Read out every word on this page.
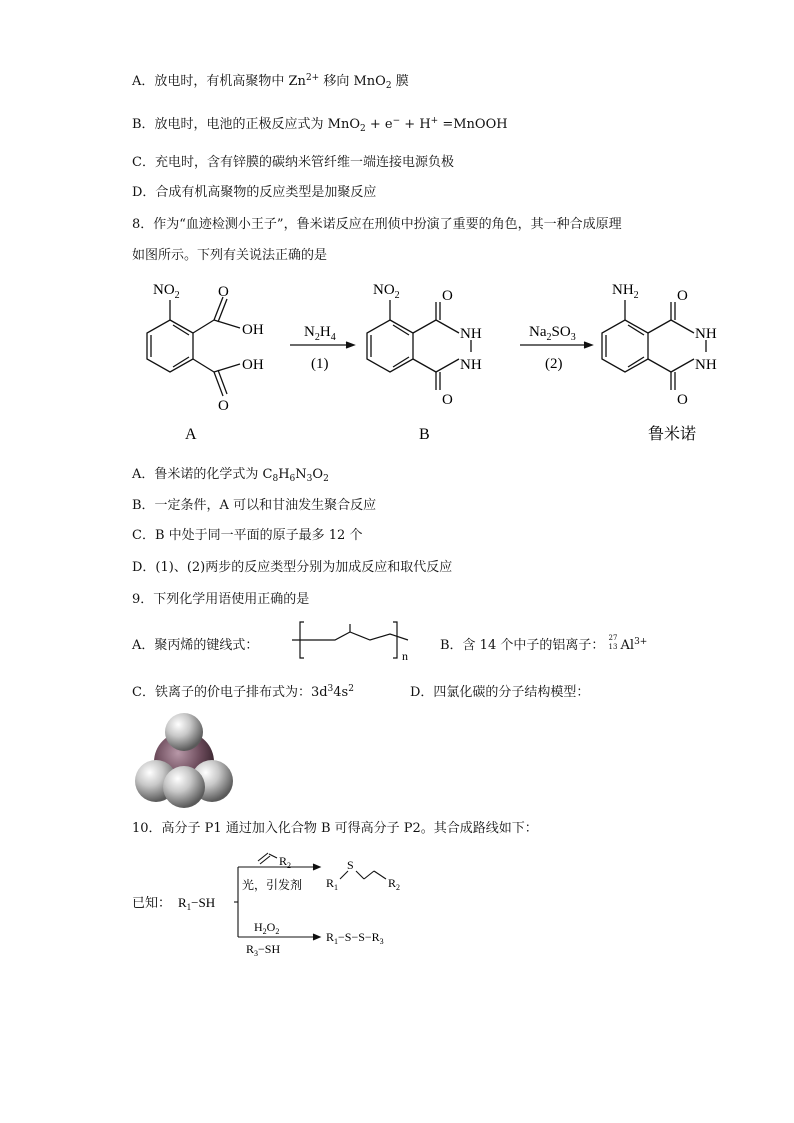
A．放电时，有机高聚物中 $Zn^{2+}$ 移向 MnO$_2$ 膜
B．放电时，电池的正极反应式为 MnO$_2$ + e− + H+ =MnOOH
C．充电时，含有锌膜的碳纳米管纤维一端连接电源负极
D．合成有机高聚物的反应类型是加聚反应
8．作为“血迹检测小王子”，鲁米诺反应在刑侦中扮演了重要的角色，其一种合成原理
如图所示。下列有关说法正确的是
$NO_2$	O
OH
OH
O
A
$N_2H_4$
(1)
$NO_2$	O
NH
NH
O
B
$Na_2SO_3$
(2)
$NH_2$	O
NH
NH
O
鲁米诺
A．鲁米诺的化学式为 $C_8H_6N_3O_2$
B．一定条件，A 可以和甘油发生聚合反应
C．B 中处于同一平面的原子最多 12 个
D．(1)、(2)两步的反应类型分别为加成反应和取代反应
9．下列化学用语使用正确的是
A．聚丙烯的键线式：
n
B．含 14 个中子的铝离子：
27
13 $Al^{3+}$
C．铁离子的价电子排布式为：$3d^34s^2$	D．四氯化碳的分子结构模型：
10．高分子 P1 通过加入化合物 B 可得高分子 P2。其合成路线如下：
已知： $R_1-SH$
$R_2$
光，引发剂 $R_1$
S
$R_2$
$H_2O_2$
$R_3-SH$
$R_1-S-S-R_3$
